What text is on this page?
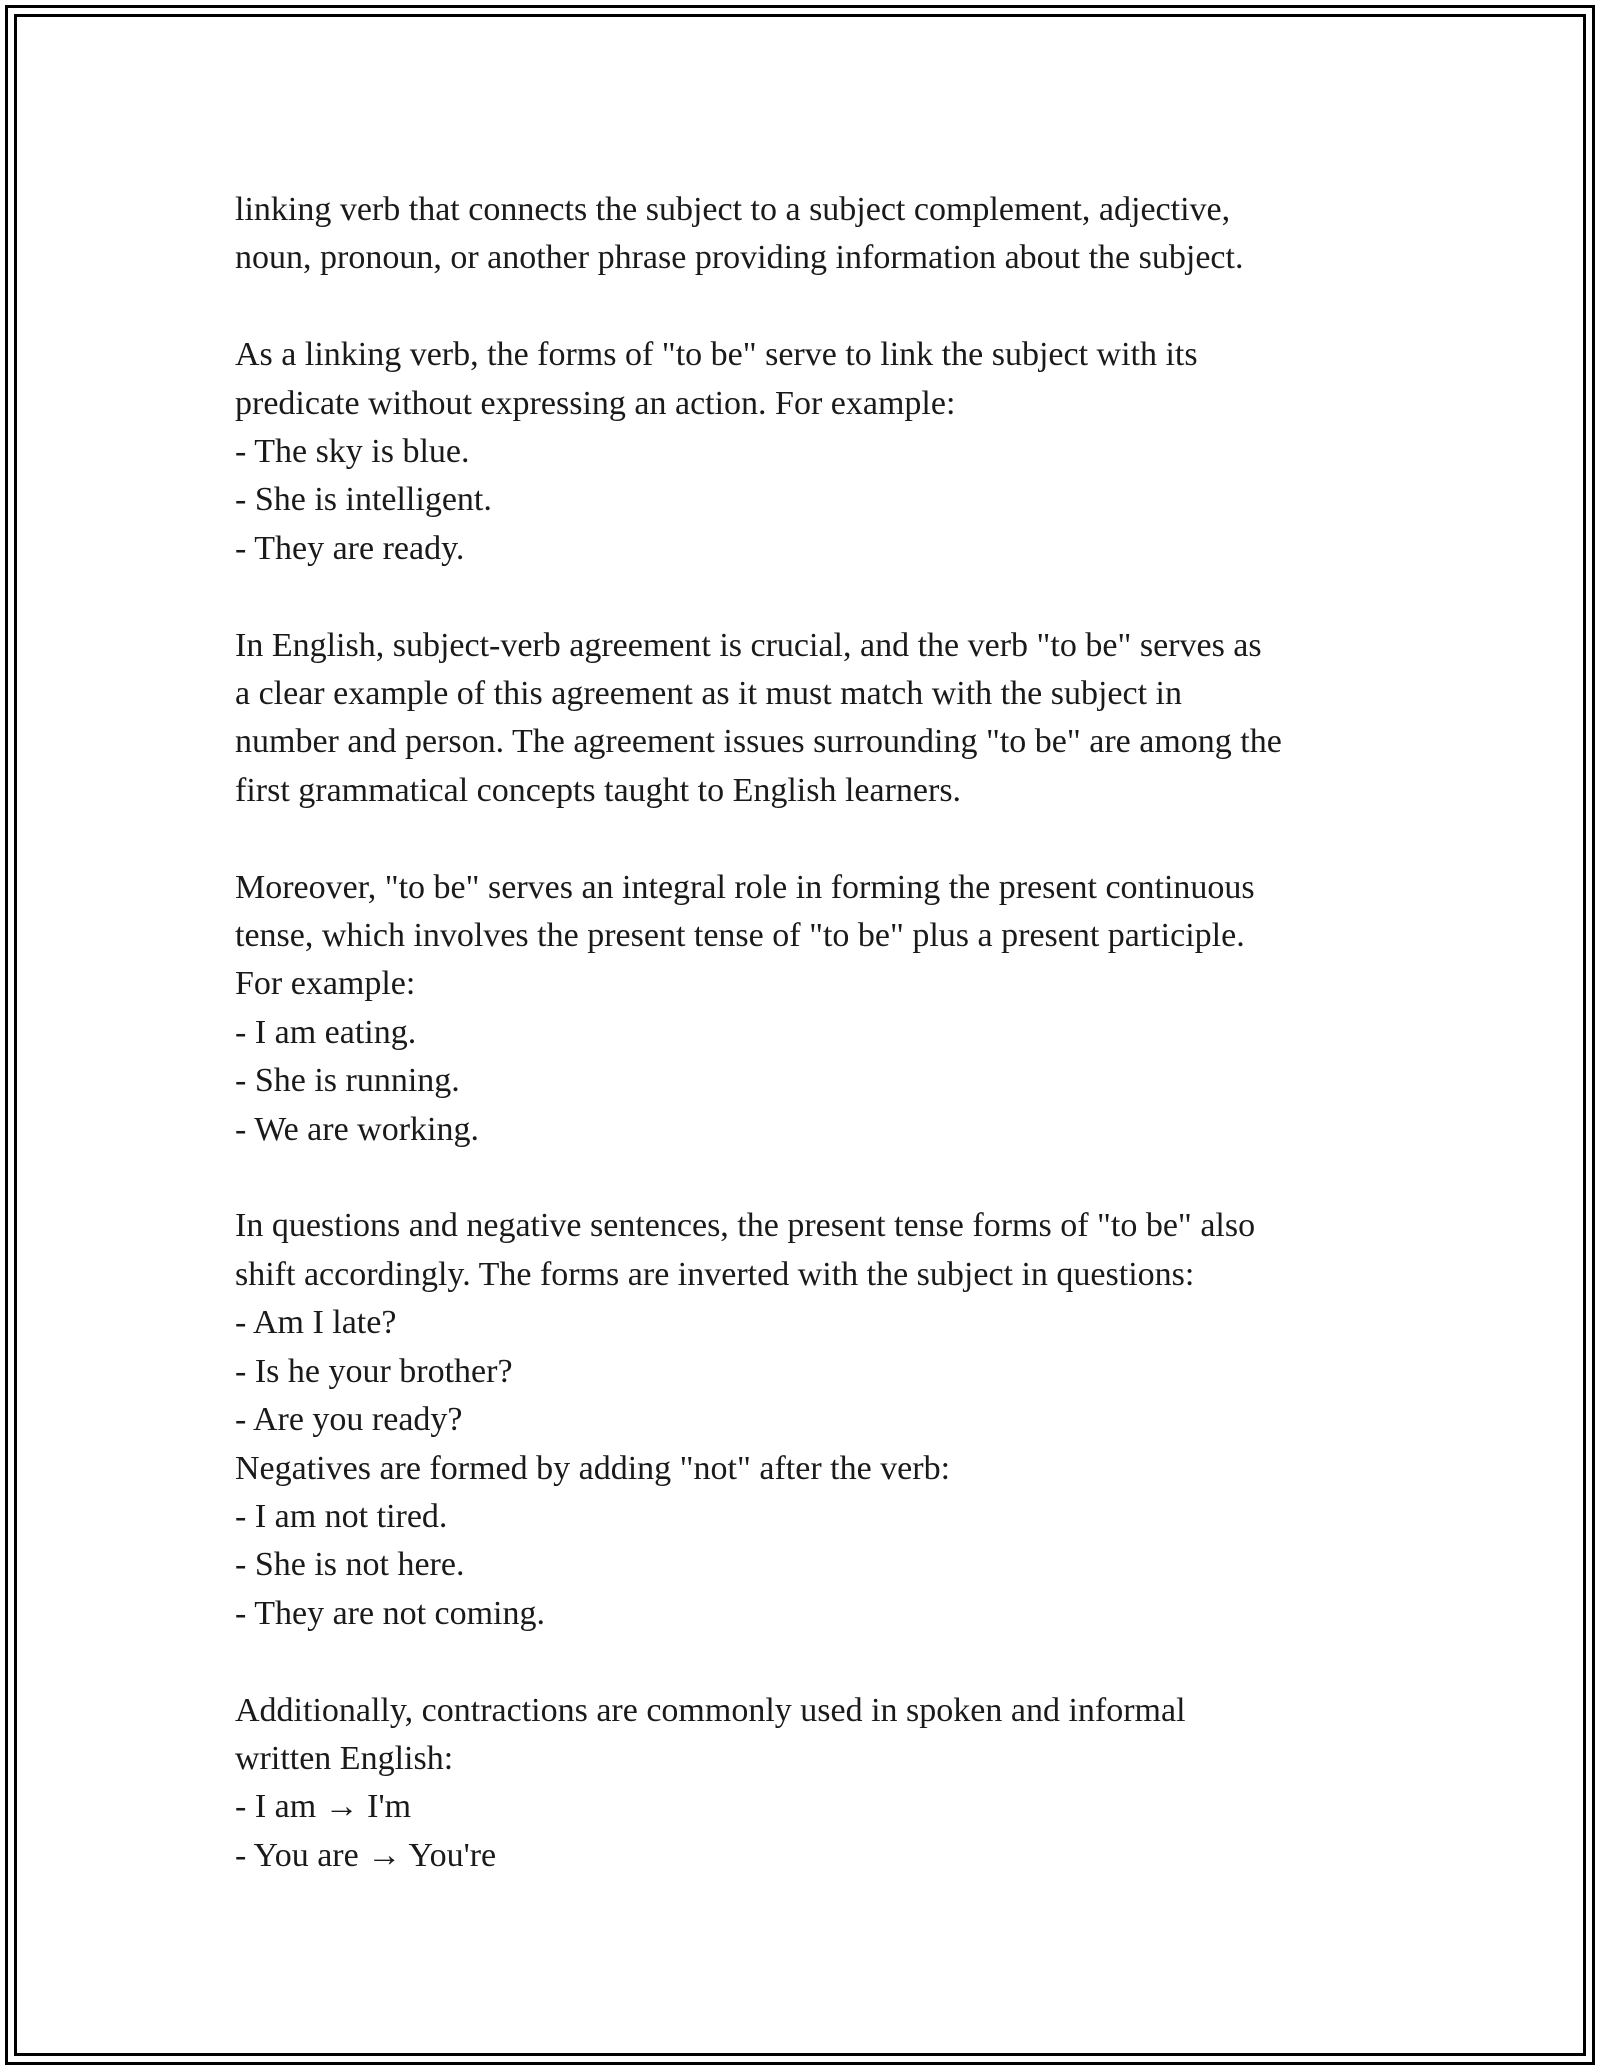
linking verb that connects the subject to a subject complement, adjective,
noun, pronoun, or another phrase providing information about the subject.
As a linking verb, the forms of "to be" serve to link the subject with its
predicate without expressing an action. For example:
- The sky is blue.
- She is intelligent.
- They are ready.
In English, subject-verb agreement is crucial, and the verb "to be" serves as
a clear example of this agreement as it must match with the subject in
number and person. The agreement issues surrounding "to be" are among the
first grammatical concepts taught to English learners.
Moreover, "to be" serves an integral role in forming the present continuous
tense, which involves the present tense of "to be" plus a present participle.
For example:
- I am eating.
- She is running.
- We are working.
In questions and negative sentences, the present tense forms of "to be" also
shift accordingly. The forms are inverted with the subject in questions:
- Am I late?
- Is he your brother?
- Are you ready?
Negatives are formed by adding "not" after the verb:
- I am not tired.
- She is not here.
- They are not coming.
Additionally, contractions are commonly used in spoken and informal
written English:
- I am → I'm
- You are → You're
